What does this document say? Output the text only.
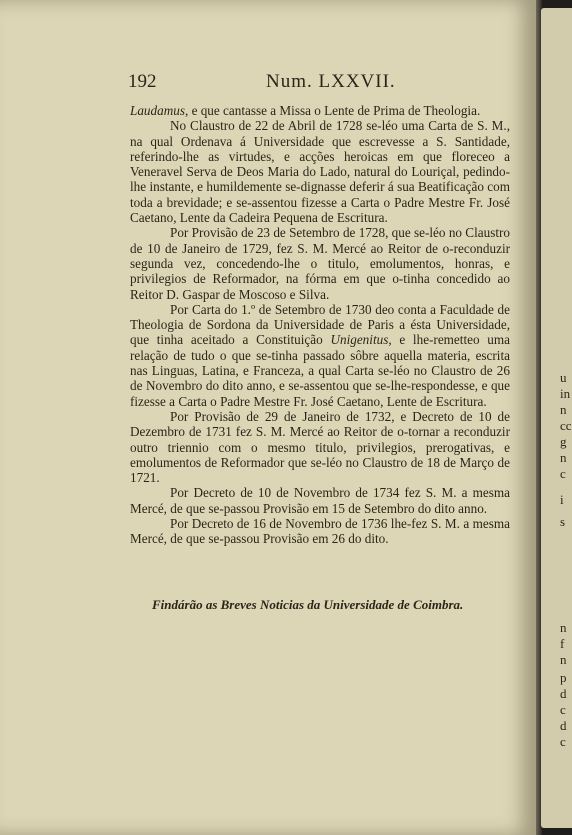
192	Num. LXXVII.

Laudamus, e que cantasse a Missa o Lente de Prima de Theologia.

No Claustro de 22 de Abril de 1728 se-léo uma Carta de S. M., na qual Ordenava á Universidade que escrevesse a S. Santidade, referindo-lhe as virtudes, e acções heroicas em que floreceo a Veneravel Serva de Deos Maria do Lado, natural do Louriçal, pedindo-lhe instante, e humildemente se-dignasse deferir á sua Beatificação com toda a brevidade; e se-assentou fizesse a Carta o Padre Mestre Fr. José Caetano, Lente da Cadeira Pequena de Escritura.

Por Provisão de 23 de Setembro de 1728, que se-léo no Claustro de 10 de Janeiro de 1729, fez S. M. Mercé ao Reitor de o-reconduzir segunda vez, concedendo-lhe o titulo, emolumentos, honras, e privilegios de Reformador, na fórma em que o-tinha concedido ao Reitor D. Gaspar de Moscoso e Silva.

Por Carta do 1.º de Setembro de 1730 deo conta a Faculdade de Theologia de Sordona da Universidade de Paris a ésta Universidade, que tinha aceitado a Constituição Unigenitus, e lhe-remetteo uma relação de tudo o que se-tinha passado sôbre aquella materia, escrita nas Linguas, Latina, e Franceza, a qual Carta se-léo no Claustro de 26 de Novembro do dito anno, e se-assentou que se-lhe-respondesse, e que fizesse a Carta o Padre Mestre Fr. José Caetano, Lente de Escritura.

Por Provisão de 29 de Janeiro de 1732, e Decreto de 10 de Dezembro de 1731 fez S. M. Mercé ao Reitor de o-tornar a reconduzir outro triennio com o mesmo titulo, privilegios, prerogativas, e emolumentos de Reformador que se-léo no Claustro de 18 de Março de 1721.

Por Decreto de 10 de Novembro de 1734 fez S. M. a mesma Mercé, de que se-passou Provisão em 15 de Setembro do dito anno.

Por Decreto de 16 de Novembro de 1736 lhe-fez S. M. a mesma Mercé, de que se-passou Provisão em 26 do dito.

Findárão as Breves Noticias da Universidade de Coimbra.
u
in
n
cc
g
n
c
i
s
n
f
n
p
d
c
d
c
